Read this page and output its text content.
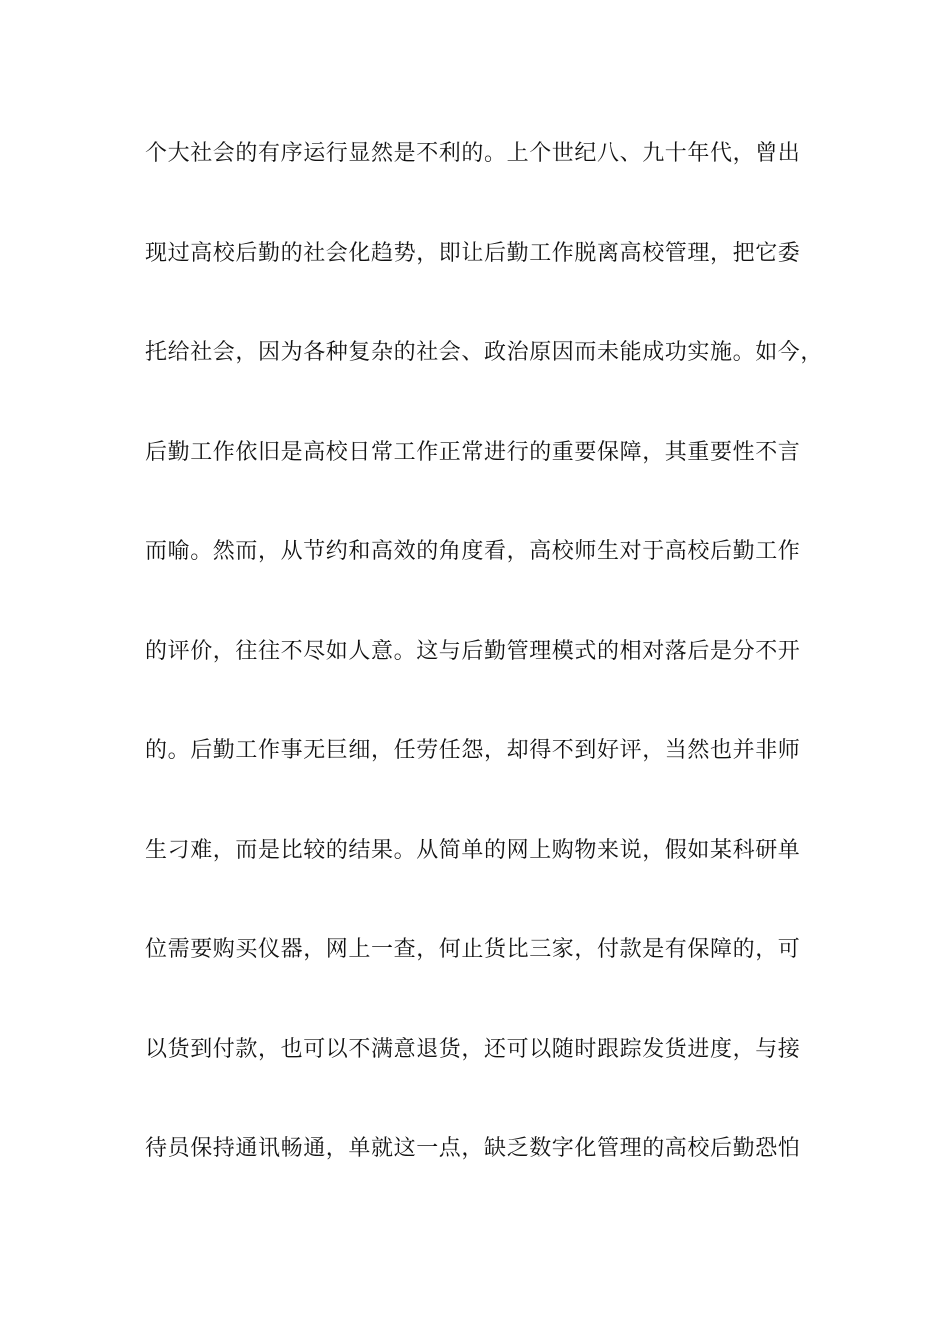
个大社会的有序运行显然是不利的。上个世纪八、九十年代，曾出
现过高校后勤的社会化趋势，即让后勤工作脱离高校管理，把它委
托给社会，因为各种复杂的社会、政治原因而未能成功实施。如今，
后勤工作依旧是高校日常工作正常进行的重要保障，其重要性不言
而喻。然而，从节约和高效的角度看，高校师生对于高校后勤工作
的评价，往往不尽如人意。这与后勤管理模式的相对落后是分不开
的。后勤工作事无巨细，任劳任怨，却得不到好评，当然也并非师
生刁难，而是比较的结果。从简单的网上购物来说，假如某科研单
位需要购买仪器，网上一查，何止货比三家，付款是有保障的，可
以货到付款，也可以不满意退货，还可以随时跟踪发货进度，与接
待员保持通讯畅通，单就这一点，缺乏数字化管理的高校后勤恐怕
